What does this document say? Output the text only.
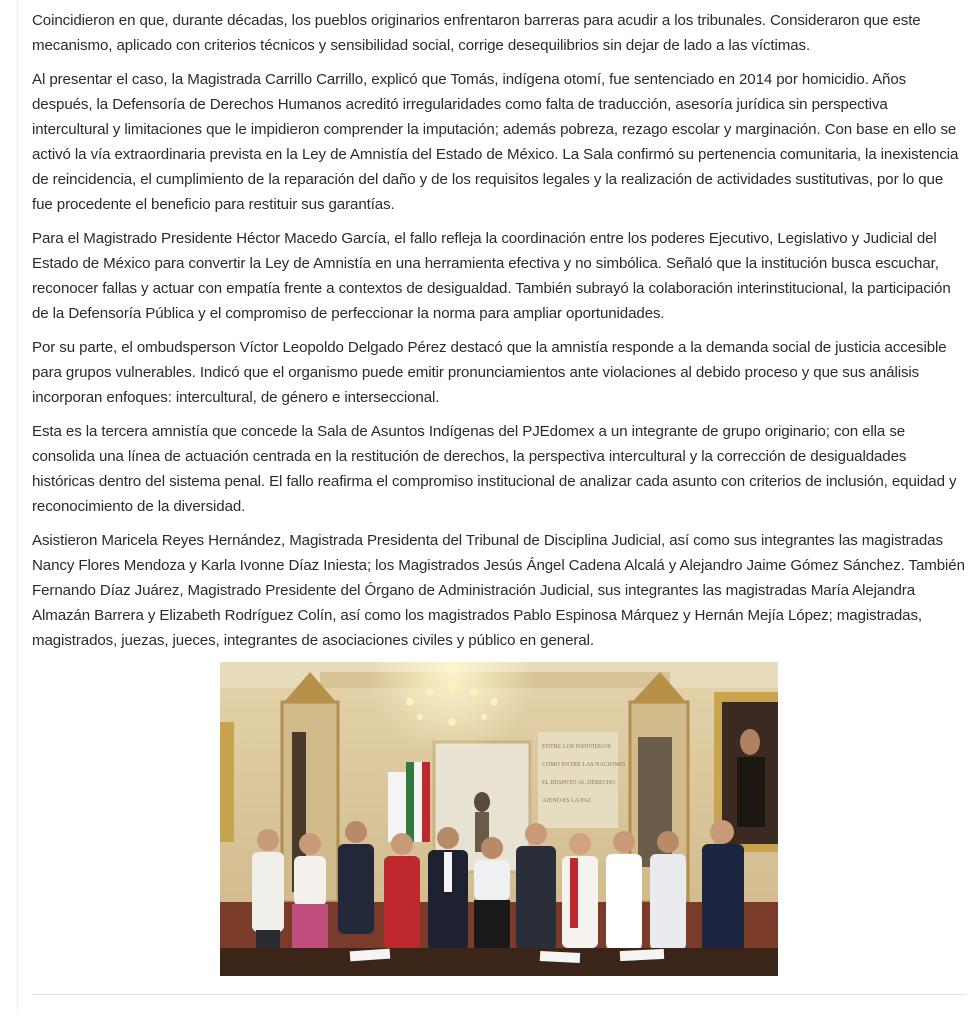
Coincidieron en que, durante décadas, los pueblos originarios enfrentaron barreras para acudir a los tribunales. Consideraron que este mecanismo, aplicado con criterios técnicos y sensibilidad social, corrige desequilibrios sin dejar de lado a las víctimas.

Al presentar el caso, la Magistrada Carrillo Carrillo, explicó que Tomás, indígena otomí, fue sentenciado en 2014 por homicidio. Años después, la Defensoría de Derechos Humanos acreditó irregularidades como falta de traducción, asesoría jurídica sin perspectiva intercultural y limitaciones que le impidieron comprender la imputación; además pobreza, rezago escolar y marginación. Con base en ello se activó la vía extraordinaria prevista en la Ley de Amnistía del Estado de México. La Sala confirmó su pertenencia comunitaria, la inexistencia de reincidencia, el cumplimiento de la reparación del daño y de los requisitos legales y la realización de actividades sustitutivas, por lo que fue procedente el beneficio para restituir sus garantías.

Para el Magistrado Presidente Héctor Macedo García, el fallo refleja la coordinación entre los poderes Ejecutivo, Legislativo y Judicial del Estado de México para convertir la Ley de Amnistía en una herramienta efectiva y no simbólica. Señaló que la institución busca escuchar, reconocer fallas y actuar con empatía frente a contextos de desigualdad. También subrayó la colaboración interinstitucional, la participación de la Defensoría Pública y el compromiso de perfeccionar la norma para ampliar oportunidades.

Por su parte, el ombudsperson Víctor Leopoldo Delgado Pérez destacó que la amnistía responde a la demanda social de justicia accesible para grupos vulnerables. Indicó que el organismo puede emitir pronunciamientos ante violaciones al debido proceso y que sus análisis incorporan enfoques: intercultural, de género e interseccional.

Esta es la tercera amnistía que concede la Sala de Asuntos Indígenas del PJEdomex a un integrante de grupo originario; con ella se consolida una línea de actuación centrada en la restitución de derechos, la perspectiva intercultural y la corrección de desigualdades históricas dentro del sistema penal. El fallo reafirma el compromiso institucional de analizar cada asunto con criterios de inclusión, equidad y reconocimiento de la diversidad.

Asistieron Maricela Reyes Hernández, Magistrada Presidenta del Tribunal de Disciplina Judicial, así como sus integrantes las magistradas Nancy Flores Mendoza y Karla Ivonne Díaz Iniesta; los Magistrados Jesús Ángel Cadena Alcalá y Alejandro Jaime Gómez Sánchez. También Fernando Díaz Juárez, Magistrado Presidente del Órgano de Administración Judicial, sus integrantes las magistradas María Alejandra Almazán Barrera y Elizabeth Rodríguez Colín, así como los magistrados Pablo Espinosa Márquez y Hernán Mejía López; magistradas, magistrados, juezas, jueces, integrantes de asociaciones civiles y público en general.

ENTRE LOS INDIVIDUOS
COMO ENTRE LAS NACIONES
EL RESPETO AL DERECHO
AJENO ES LA PAZ
